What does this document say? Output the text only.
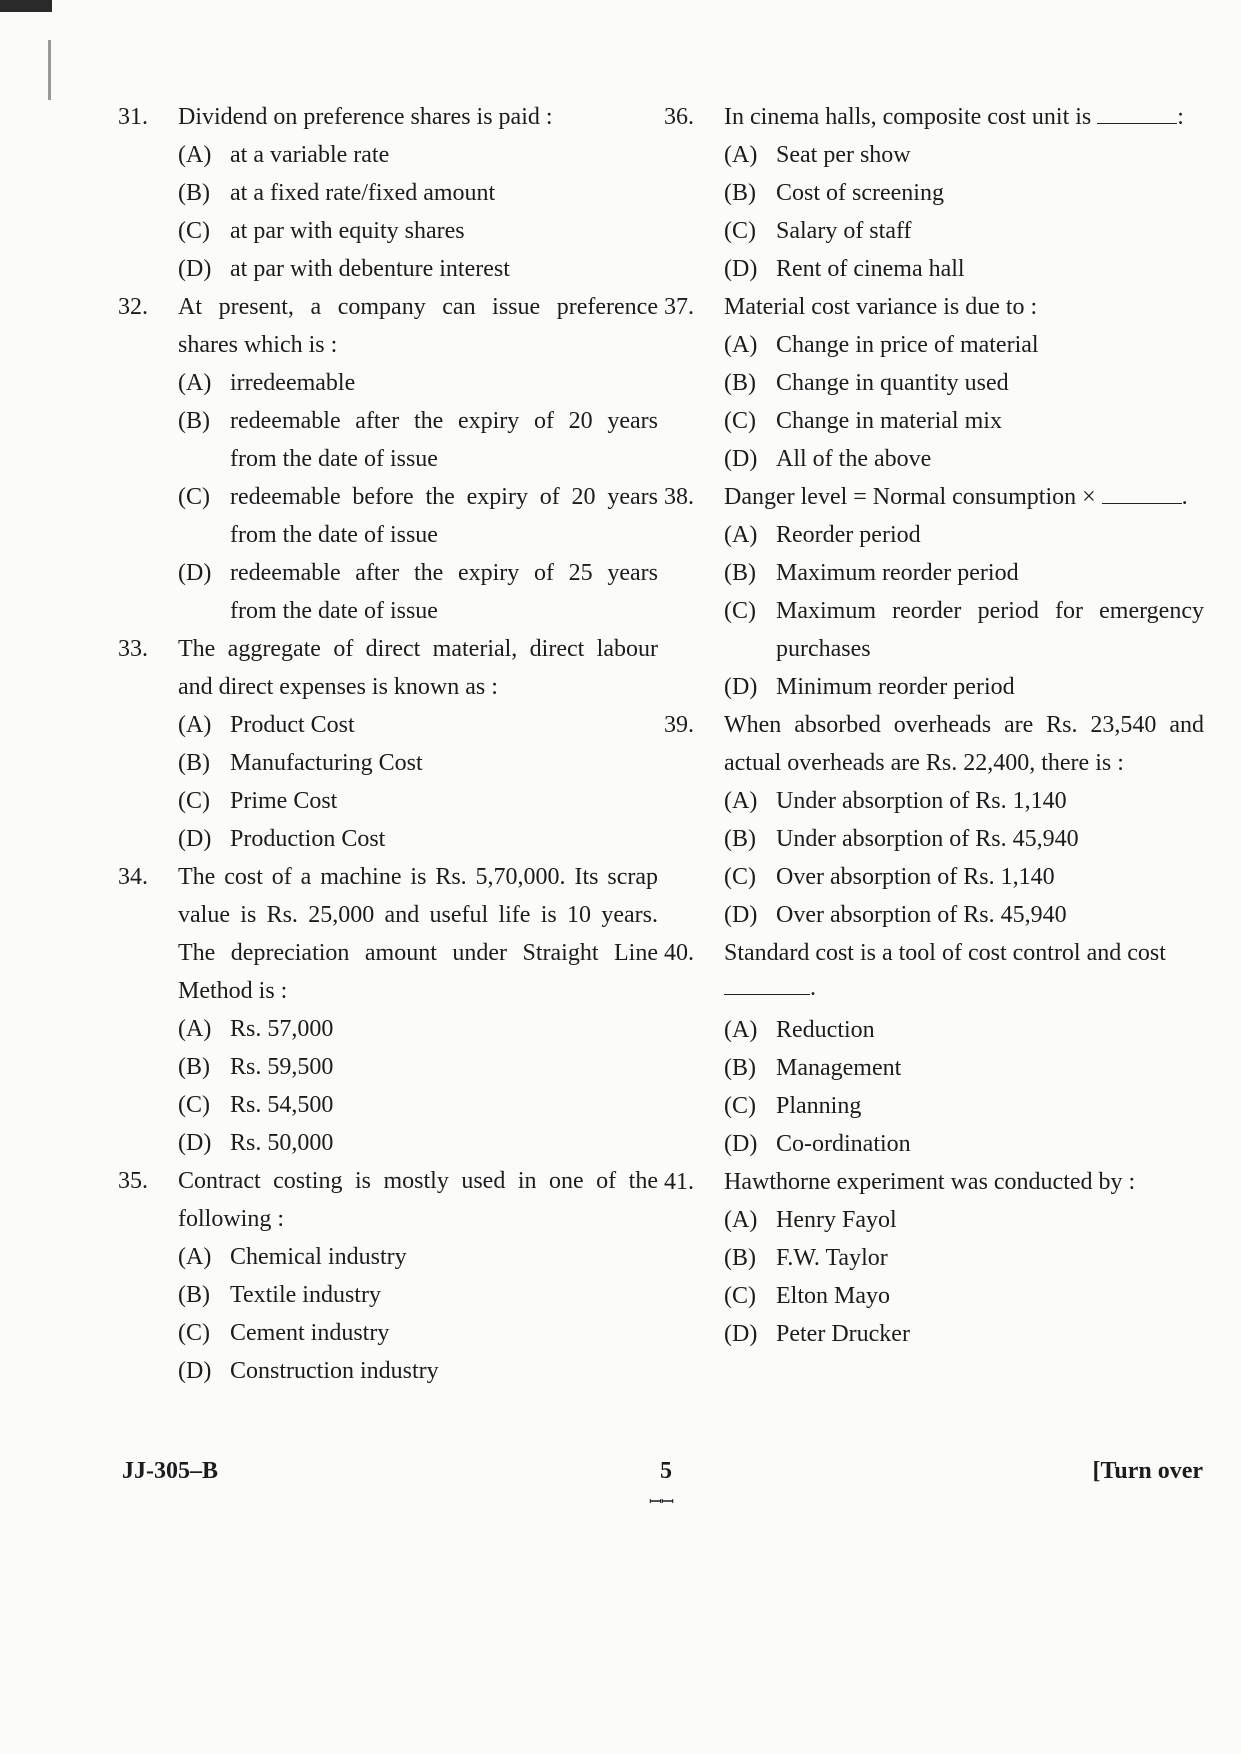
31. Dividend on preference shares is paid :
(A) at a variable rate
(B) at a fixed rate/fixed amount
(C) at par with equity shares
(D) at par with debenture interest
32. At present, a company can issue preference shares which is :
(A) irredeemable
(B) redeemable after the expiry of 20 years from the date of issue
(C) redeemable before the expiry of 20 years from the date of issue
(D) redeemable after the expiry of 25 years from the date of issue
33. The aggregate of direct material, direct labour and direct expenses is known as :
(A) Product Cost
(B) Manufacturing Cost
(C) Prime Cost
(D) Production Cost
34. The cost of a machine is Rs. 5,70,000. Its scrap value is Rs. 25,000 and useful life is 10 years. The depreciation amount under Straight Line Method is :
(A) Rs. 57,000
(B) Rs. 59,500
(C) Rs. 54,500
(D) Rs. 50,000
35. Contract costing is mostly used in one of the following :
(A) Chemical industry
(B) Textile industry
(C) Cement industry
(D) Construction industry
36. In cinema halls, composite cost unit is	:
(A) Seat per show
(B) Cost of screening
(C) Salary of staff
(D) Rent of cinema hall
37. Material cost variance is due to :
(A) Change in price of material
(B) Change in quantity used
(C) Change in material mix
(D) All of the above
38. Danger level = Normal consumption ×	.
(A) Reorder period
(B) Maximum reorder period
(C) Maximum reorder period for emergency purchases
(D) Minimum reorder period
39. When absorbed overheads are Rs. 23,540 and actual overheads are Rs. 22,400, there is :
(A) Under absorption of Rs. 1,140
(B) Under absorption of Rs. 45,940
(C) Over absorption of Rs. 1,140
(D) Over absorption of Rs. 45,940
40. Standard cost is a tool of cost control and cost
.
(A) Reduction
(B) Management
(C) Planning
(D) Co-ordination
41. Hawthorne experiment was conducted by :
(A) Henry Fayol
(B) F.W. Taylor
(C) Elton Mayo
(D) Peter Drucker
JJ-305–B	5
ꟷꟷ
[Turn over
